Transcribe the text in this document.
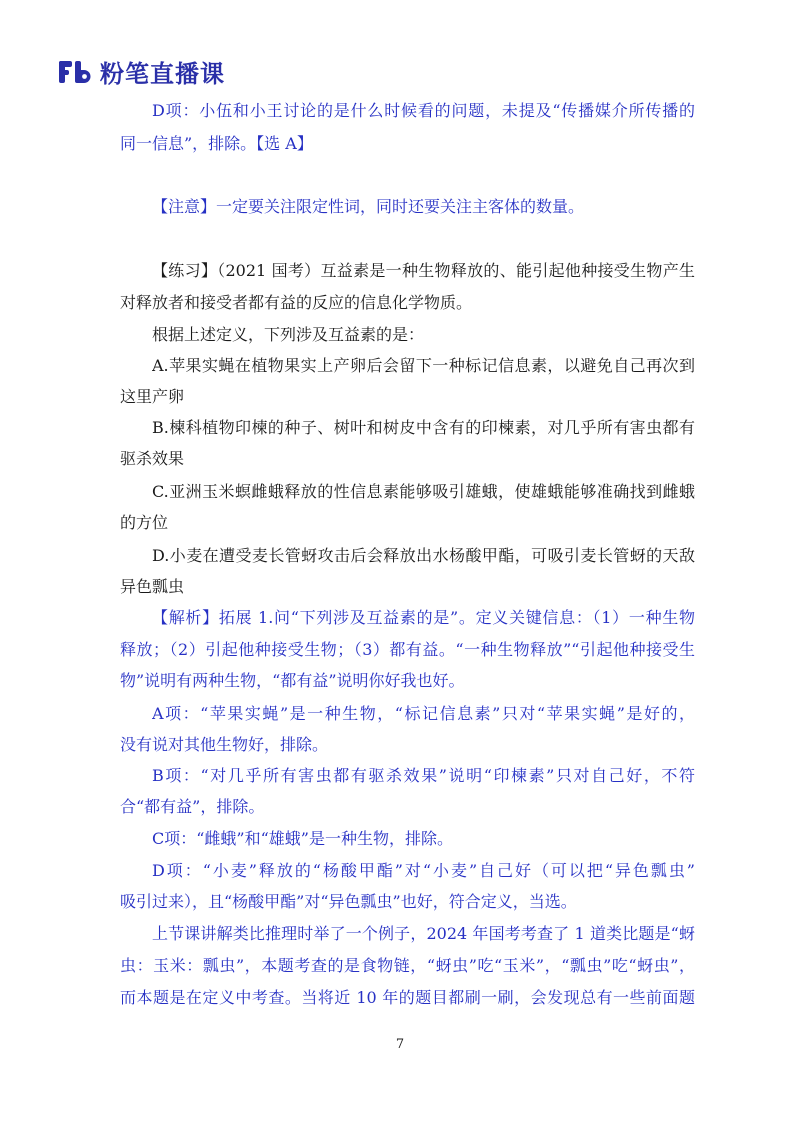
粉笔直播课
D项：小伍和小王讨论的是什么时候看的问题，未提及“传播媒介所传播的
同一信息”，排除。【选 A】
【注意】一定要关注限定性词，同时还要关注主客体的数量。
【练习】（2021 国考）互益素是一种生物释放的、能引起他种接受生物产生
对释放者和接受者都有益的反应的信息化学物质。
根据上述定义，下列涉及互益素的是：
A.苹果实蝇在植物果实上产卵后会留下一种标记信息素，以避免自己再次到
这里产卵
B.楝科植物印楝的种子、树叶和树皮中含有的印楝素，对几乎所有害虫都有
驱杀效果
C.亚洲玉米螟雌蛾释放的性信息素能够吸引雄蛾，使雄蛾能够准确找到雌蛾
的方位
D.小麦在遭受麦长管蚜攻击后会释放出水杨酸甲酯，可吸引麦长管蚜的天敌
异色瓢虫
【解析】拓展 1.问“下列涉及互益素的是”。定义关键信息：（1）一种生物
释放；（2）引起他种接受生物；（3）都有益。“一种生物释放”“引起他种接受生
物”说明有两种生物，“都有益”说明你好我也好。
A项：“苹果实蝇”是一种生物，“标记信息素”只对“苹果实蝇”是好的，
没有说对其他生物好，排除。
B项：“对几乎所有害虫都有驱杀效果”说明“印楝素”只对自己好，不符
合“都有益”，排除。
C项：“雌蛾”和“雄蛾”是一种生物，排除。
D项：“小麦”释放的“杨酸甲酯”对“小麦”自己好（可以把“异色瓢虫”
吸引过来），且“杨酸甲酯”对“异色瓢虫”也好，符合定义，当选。
上节课讲解类比推理时举了一个例子，2024 年国考考查了 1 道类比题是“蚜
虫：玉米：瓢虫”，本题考查的是食物链，“蚜虫”吃“玉米”，“瓢虫”吃“蚜虫”，
而本题是在定义中考查。当将近 10 年的题目都刷一刷，会发现总有一些前面题
7
